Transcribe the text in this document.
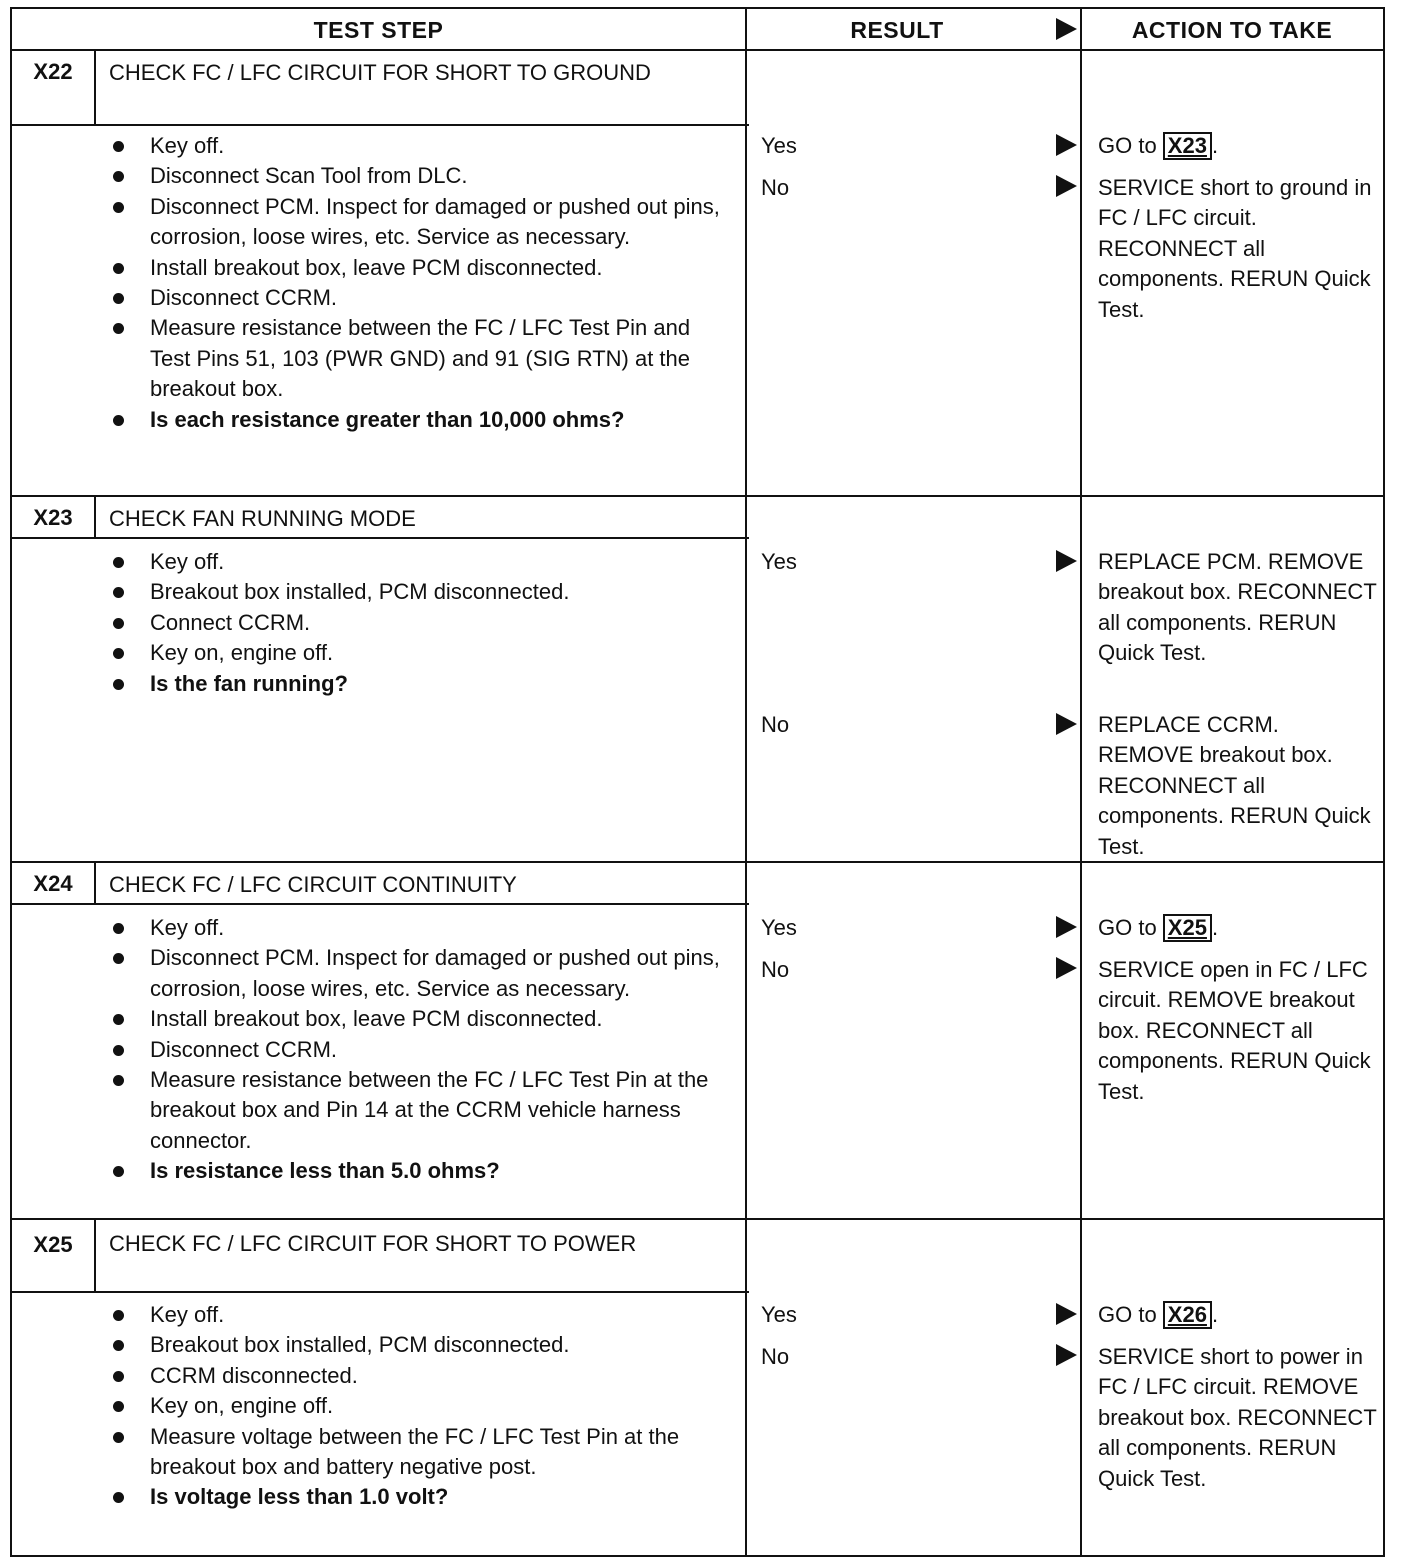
TEST STEP	RESULT	ACTION TO TAKE
X22	CHECK FC / LFC CIRCUIT FOR SHORT TO GROUND
Key off.
Disconnect Scan Tool from DLC.
Disconnect PCM. Inspect for damaged or pushed out pins, corrosion, loose wires, etc. Service as necessary.
Install breakout box, leave PCM disconnected.
Disconnect CCRM.
Measure resistance between the FC / LFC Test Pin and Test Pins 51, 103 (PWR GND) and 91 (SIG RTN) at the breakout box.
Is each resistance greater than 10,000 ohms?
Yes	GO to X23 .
No	SERVICE short to ground in FC / LFC circuit. RECONNECT all components. RERUN Quick Test.
X23	CHECK FAN RUNNING MODE
Key off.
Breakout box installed, PCM disconnected.
Connect CCRM.
Key on, engine off.
Is the fan running?
Yes	REPLACE PCM. REMOVE breakout box. RECONNECT all components. RERUN Quick Test.
No	REPLACE CCRM. REMOVE breakout box. RECONNECT all components. RERUN Quick Test.
X24	CHECK FC / LFC CIRCUIT CONTINUITY
Key off.
Disconnect PCM. Inspect for damaged or pushed out pins, corrosion, loose wires, etc. Service as necessary.
Install breakout box, leave PCM disconnected.
Disconnect CCRM.
Measure resistance between the FC / LFC Test Pin at the breakout box and Pin 14 at the CCRM vehicle harness connector.
Is resistance less than 5.0 ohms?
Yes	GO to X25 .
No	SERVICE open in FC / LFC circuit. REMOVE breakout box. RECONNECT all components. RERUN Quick Test.
X25	CHECK FC / LFC CIRCUIT FOR SHORT TO POWER
Key off.
Breakout box installed, PCM disconnected.
CCRM disconnected.
Key on, engine off.
Measure voltage between the FC / LFC Test Pin at the breakout box and battery negative post.
Is voltage less than 1.0 volt?
Yes	GO to X26 .
No	SERVICE short to power in FC / LFC circuit. REMOVE breakout box. RECONNECT all components. RERUN Quick Test.
